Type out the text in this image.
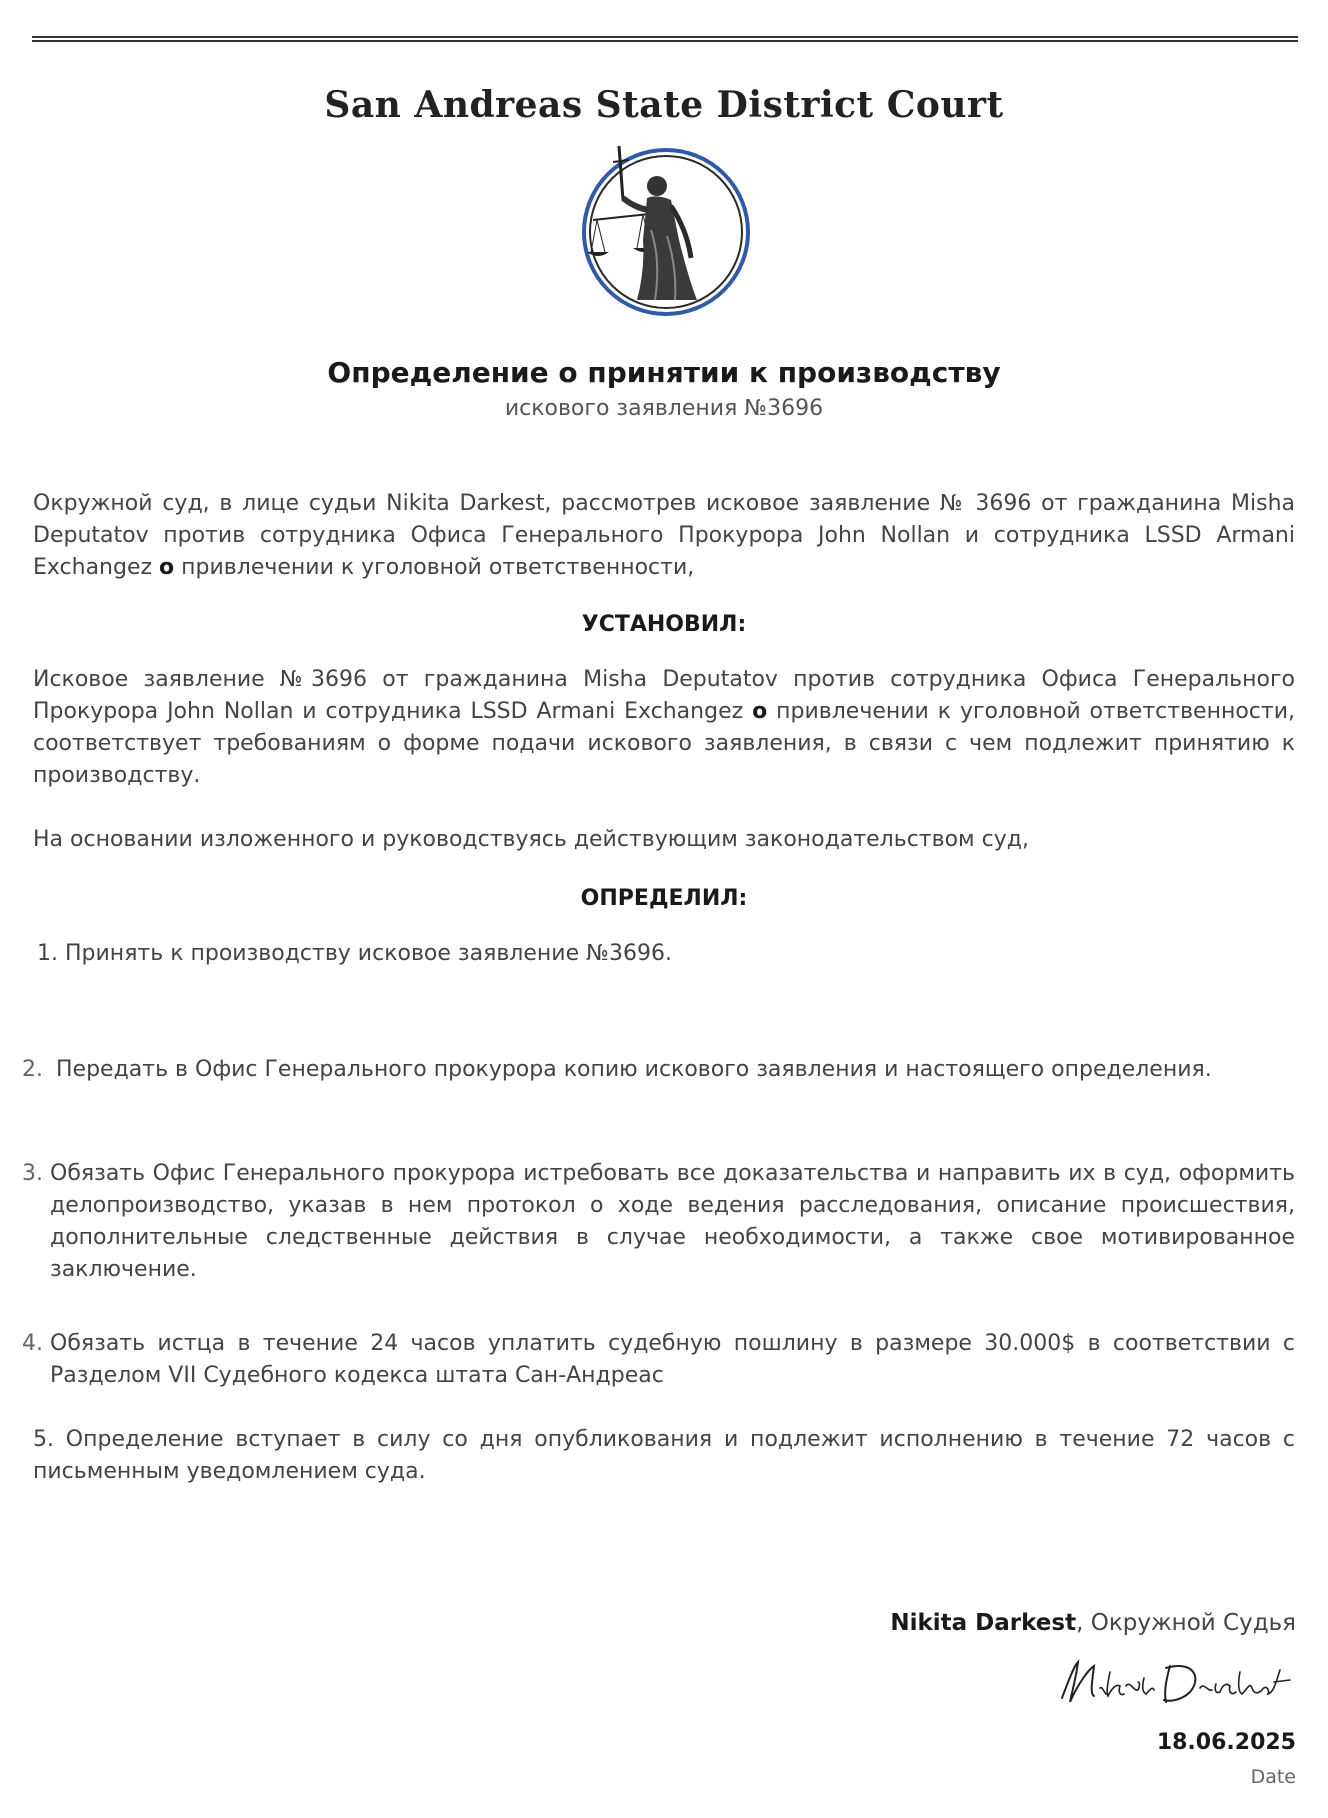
San Andreas State District Court
Определение о принятии к производству
искового заявления №3696
Окружной суд, в лице судьи Nikita Darkest, рассмотрев исковое заявление № 3696 от гражданина Misha Deputatov против сотрудника Офиса Генерального Прокурора John Nollan и сотрудника LSSD Armani Exchangez о привлечении к уголовной ответственности,
УСТАНОВИЛ:
Исковое заявление №3696 от гражданина Misha Deputatov против сотрудника Офиса Генерального Прокурора John Nollan и сотрудника LSSD Armani Exchangez о привлечении к уголовной ответственности, соответствует требованиям о форме подачи искового заявления, в связи с чем подлежит принятию к производству.
На основании изложенного и руководствуясь действующим законодательством суд,
ОПРЕДЕЛИЛ:
1. Принять к производству исковое заявление №3696.
2. Передать в Офис Генерального прокурора копию искового заявления и настоящего определения.
3. Обязать Офис Генерального прокурора истребовать все доказательства и направить их в суд, оформить делопроизводство, указав в нем протокол о ходе ведения расследования, описание происшествия, дополнительные следственные действия в случае необходимости, а также свое мотивированное заключение.
4. Обязать истца в течение 24 часов уплатить судебную пошлину в размере 30.000$ в соответствии с Разделом VII Судебного кодекса штата Сан-Андреас
5. Определение вступает в силу со дня опубликования и подлежит исполнению в течение 72 часов с письменным уведомлением суда.
Nikita Darkest, Окружной Судья
Nikita Darkest
18.06.2025
Date
